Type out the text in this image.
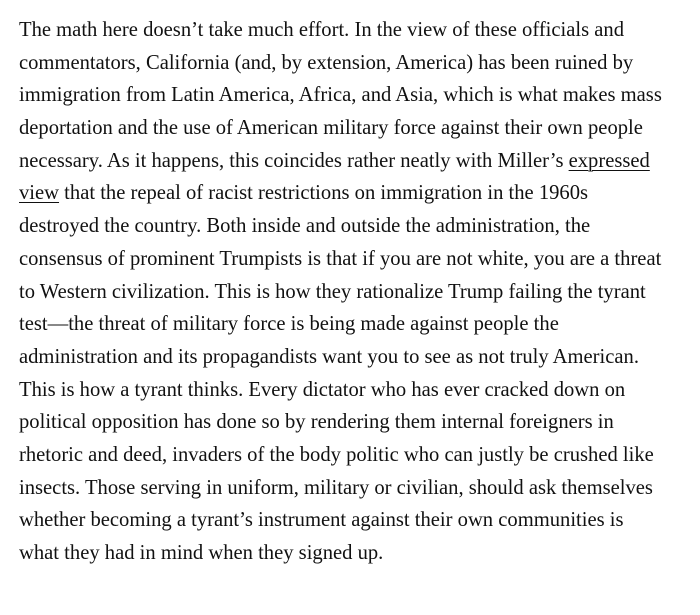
The math here doesn’t take much effort. In the view of these officials and
commentators, California (and, by extension, America) has been ruined by
immigration from Latin America, Africa, and Asia, which is what makes mass
deportation and the use of American military force against their own people
necessary. As it happens, this coincides rather neatly with Miller’s expressed
view that the repeal of racist restrictions on immigration in the 1960s
destroyed the country. Both inside and outside the administration, the
consensus of prominent Trumpists is that if you are not white, you are a threat
to Western civilization. This is how they rationalize Trump failing the tyrant
test—the threat of military force is being made against people the
administration and its propagandists want you to see as not truly American.

This is how a tyrant thinks. Every dictator who has ever cracked down on
political opposition has done so by rendering them internal foreigners in
rhetoric and deed, invaders of the body politic who can justly be crushed like
insects. Those serving in uniform, military or civilian, should ask themselves
whether becoming a tyrant’s instrument against their own communities is
what they had in mind when they signed up.
